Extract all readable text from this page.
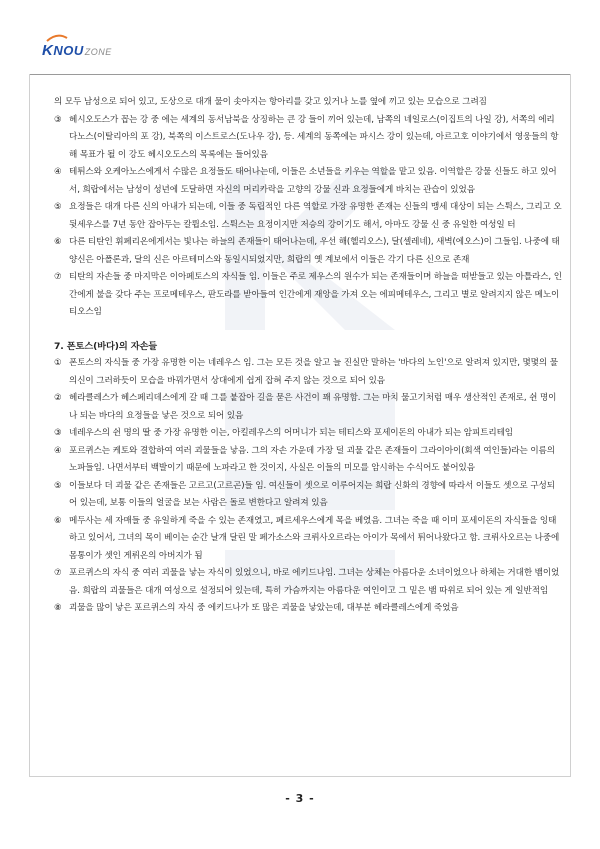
KNOUZONE

의 모두 남성으로 되어 있고, 도상으로 대개 물이 솟아지는 항아리를 갖고 있거나 노를 옆에 끼고 있는 모습으로 그려짐

③ 헤시오도스가 꼽는 강 중 에는 세계의 동서남북을 상징하는 큰 강 들이 끼어 있는데, 남쪽의 네일로스(이집트의 나일 강), 서쪽의 에리다노스(이탈리아의 포 강), 북쪽의 이스트로스(도나우 강), 등. 세계의 동쪽에는 파시스 강이 있는데, 아르고호 이야기에서 영웅들의 항해 목표가 될 이 강도 헤시오도스의 목록에는 들어있음

④ 테튀스와 오케아노스에게서 수많은 요정들도 태어나는데, 이들은 소년들을 키우는 역할을 맡고 있음. 이역할은 강물 신들도 하고 있어서, 희랍에서는 남성이 성년에 도달하면 자신의 머리카락을 고향의 강물 신과 요정들에게 바치는 관습이 있었음

⑤ 요정들은 대개 다른 신의 아내가 되는데, 이들 중 독립적인 다른 역할로 가장 유명한 존재는 신들의 맹세 대상이 되는 스튁스, 그리고 오뒷세우스를 7년 동안 잡아두는 칼륍소임. 스튁스는 요정이지만 저승의 강이기도 해서, 아마도 강물 신 중 유일한 여성일 터

⑥ 다른 티탄인 휘페리온에게서는 빛나는 하늘의 존재들이 태어나는데, 우선 해(헬리오스), 달(셀레네), 새벽(에오스)이 그들임. 나중에 태양신은 아폴론과, 달의 신은 아르테미스와 동일시되었지만, 희랍의 옛 계보에서 이들은 각기 다른 신으로 존재

⑦ 티탄의 자손들 중 마지막은 이아페토스의 자식들 임. 이들은 주로 제우스의 원수가 되는 존재들이며 하늘을 떠받들고 있는 아틀라스, 인간에게 불을 갖다 주는 프로메테우스, 판도라를 받아들여 인간에게 재앙을 가져 오는 에피메테우스, 그리고 별로 알려지지 않은 메노이티오스임

7. 폰토스(바다)의 자손들

① 폰토스의 자식들 중 가장 유명한 이는 네레우스 임. 그는 모든 것을 알고 늘 진실만 말하는 '바다의 노인'으로 알려져 있지만, 몇몇의 물의신이 그러하듯이 모습을 바꿔가면서 상대에게 쉽게 잡혀 주지 않는 것으로 되어 있음

② 헤라클레스가 헤스페리데스에게 갈 때 그를 붙잡아 길을 묻은 사건이 꽤 유명함. 그는 마치 물고기처럼 매우 생산적인 존재로, 쉰 명이나 되는 바다의 요정들을 낳은 것으로 되어 있음

③ 네레우스의 쉰 명의 딸 중 가장 유명한 이는, 아킬레우스의 어머니가 되는 테티스와 포세이돈의 아내가 되는 암피트리테임

④ 포르퀴스는 케토와 결합하여 여러 괴물들을 낳음. 그의 자손 가운데 가장 덜 괴물 같은 존재들이 그라이아이(회색 여인들)라는 이름의 노파들임. 나면서부터 백발이기 때문에 노파라고 한 것이지, 사실은 이들의 미모를 암시하는 수식어도 붙어있음

⑤ 이들보다 더 괴물 같은 존재들은 고르고(고르곤)들 임. 여신들이 셋으로 이루어지는 희랍 신화의 경향에 따라서 이들도 셋으로 구성되어 있는데, 보통 이들의 얼굴을 보는 사람은 돌로 변한다고 알려져 있음

⑥ 메두사는 세 자매들 중 유일하게 죽을 수 있는 존재였고, 페르세우스에게 목을 베였음. 그녀는 죽을 때 이미 포세이돈의 자식들을 잉태하고 있어서, 그녀의 목이 베이는 순간 날개 달린 말 페가소스와 크뤼사오르라는 아이가 목에서 튀어나왔다고 함. 크뤼사오르는 나중에 몸통이가 셋인 게뤼온의 아버지가 됨

⑦ 포르퀴스의 자식 중 여러 괴물을 낳는 자식이 있었으니, 바로 에키드나임. 그녀는 상체는 아름다운 소녀이었으나 하체는 거대한 뱀이었음. 희랍의 괴물들은 대개 여성으로 설정되어 있는데, 특히 가슴까지는 아름다운 여인이고 그 밑은 뱀 따위로 되어 있는 게 일반적임

⑧ 괴물을 많이 낳은 포르퀴스의 자식 중 에키드나가 또 많은 괴물을 낳았는데, 대부분 헤라클레스에게 죽었음

- 3 -
